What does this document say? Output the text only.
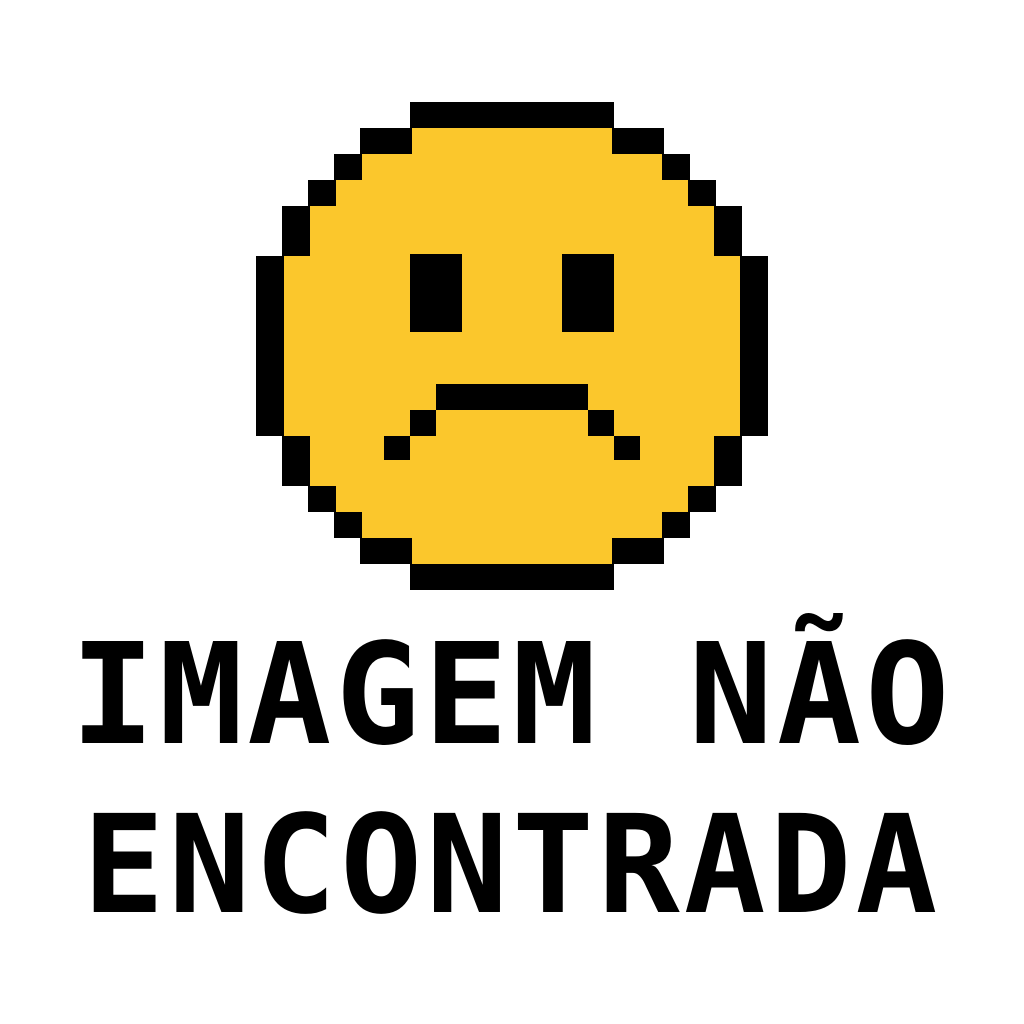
IMAGEM NÃO
ENCONTRADA
